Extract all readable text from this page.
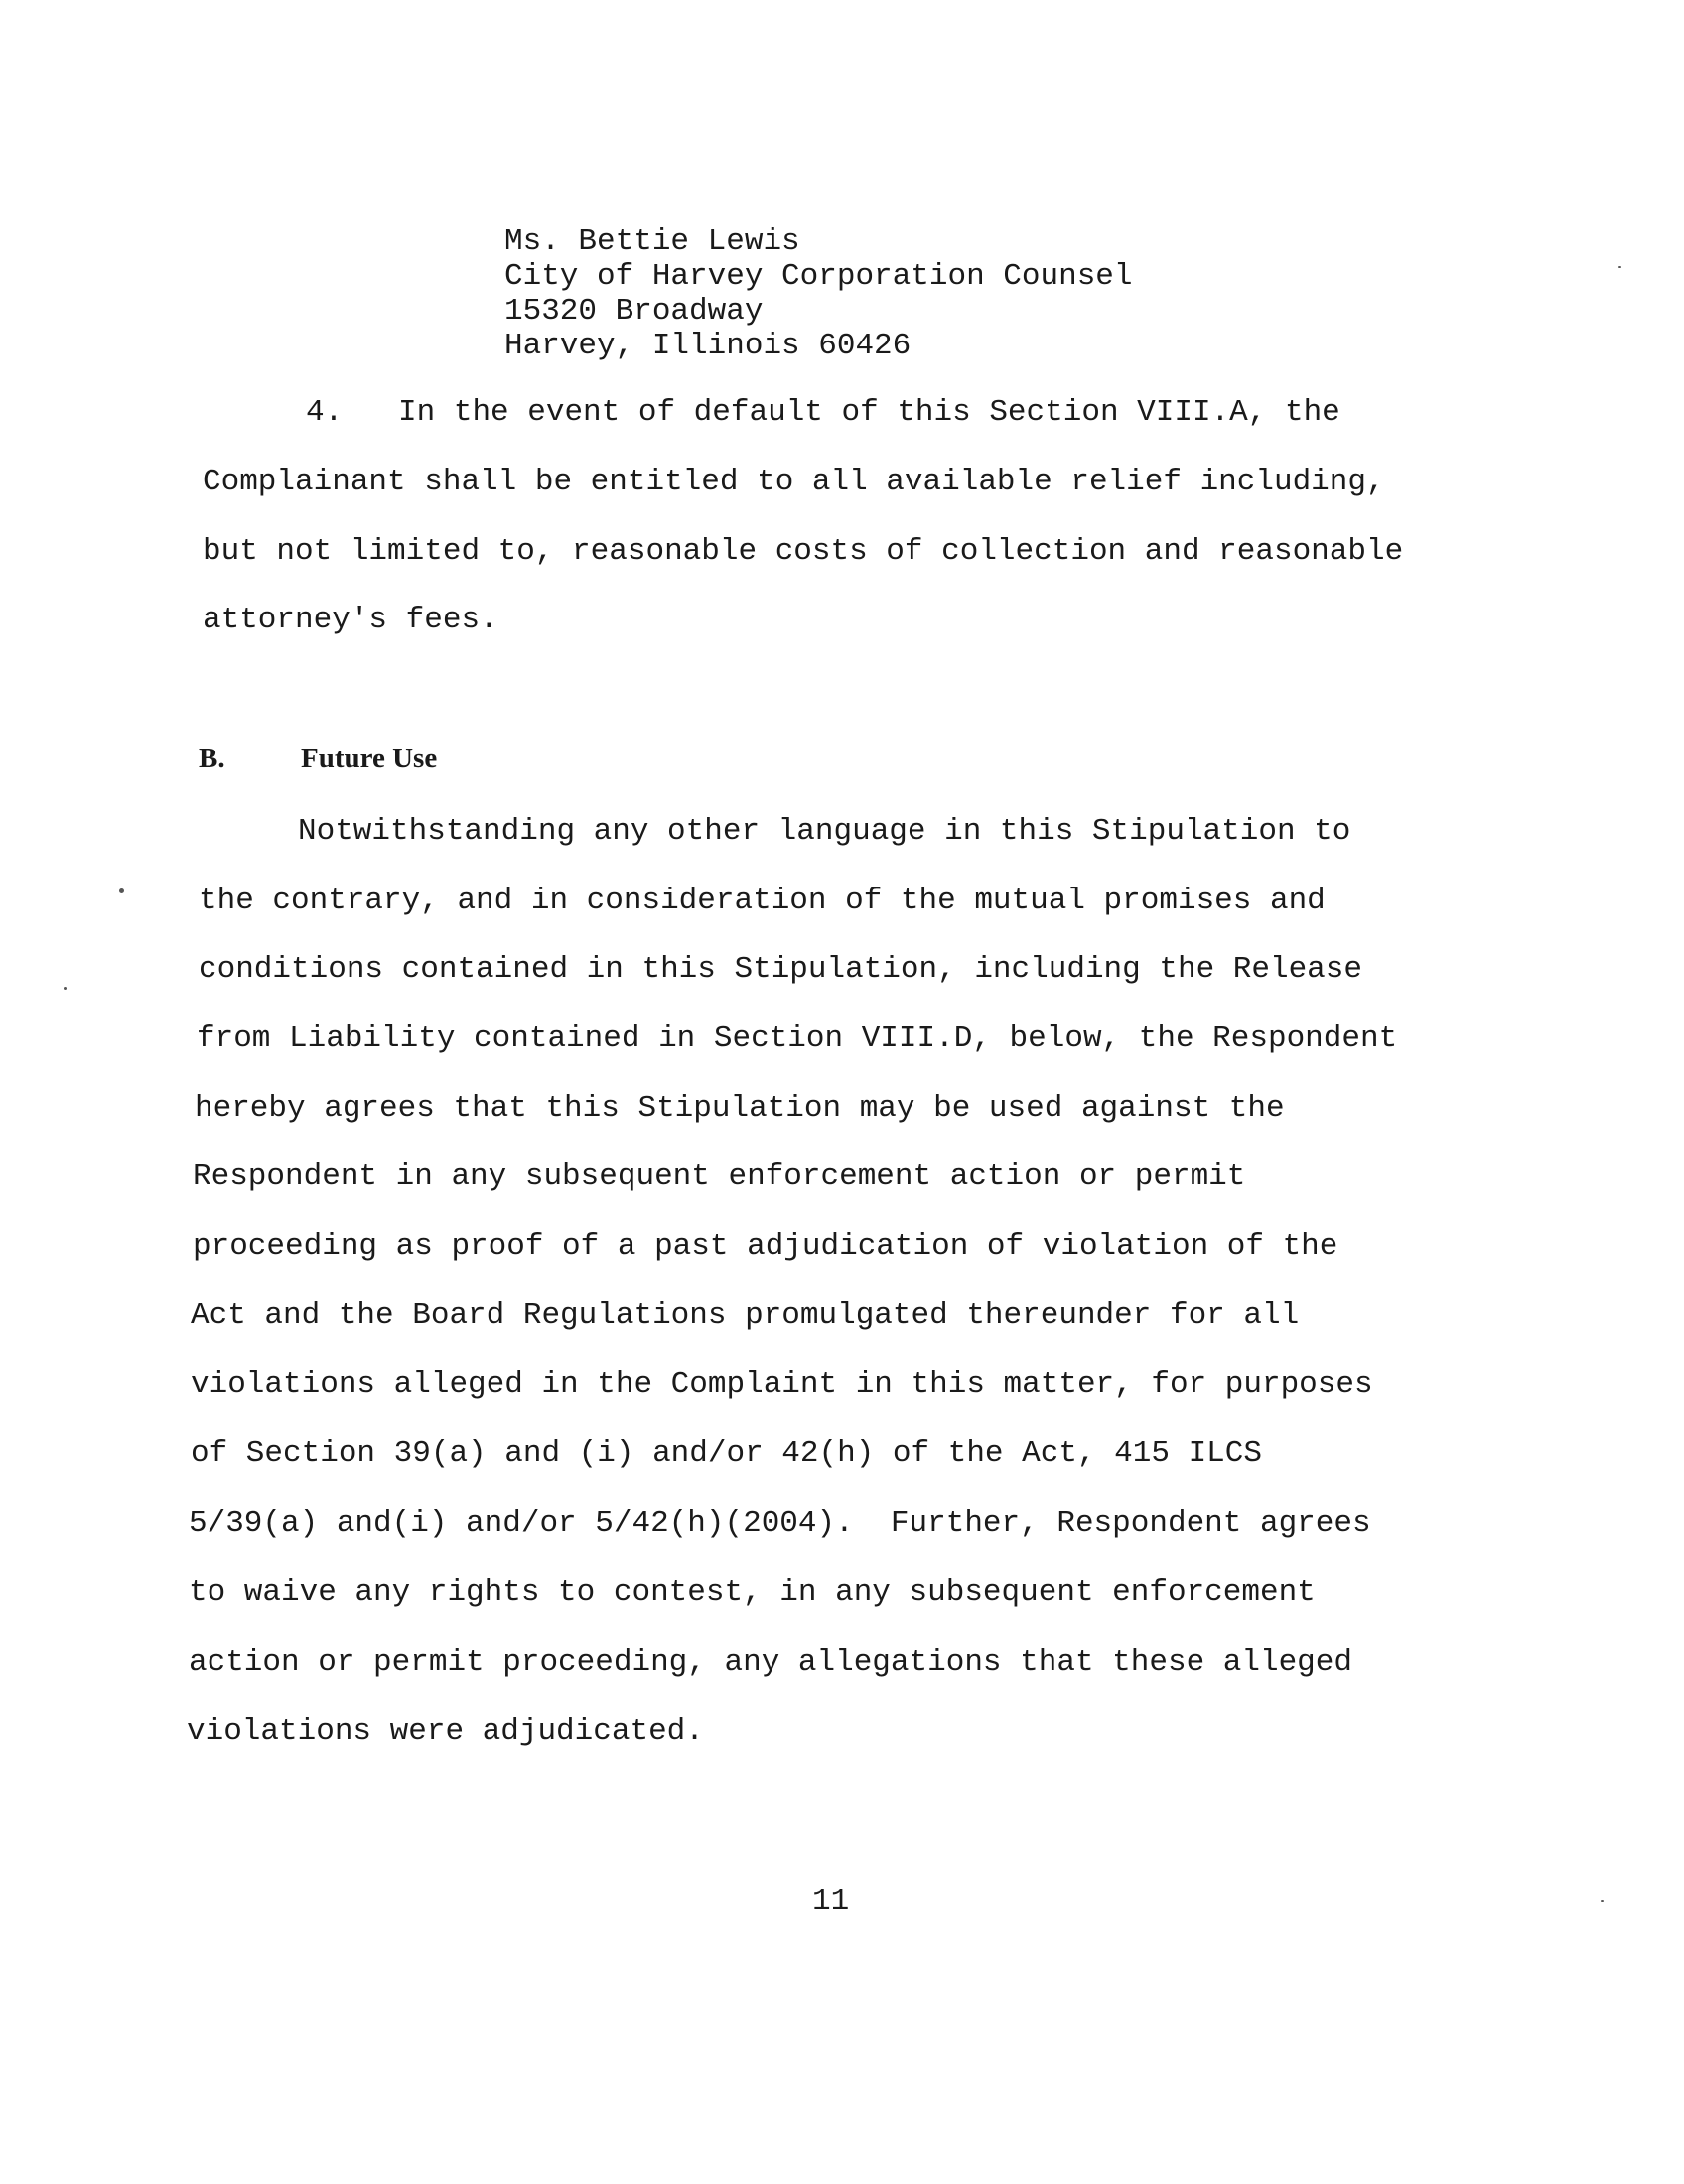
Ms. Bettie Lewis
City of Harvey Corporation Counsel
15320 Broadway
Harvey, Illinois 60426
4. In the event of default of this Section VIII.A, the
Complainant shall be entitled to all available relief including,
but not limited to, reasonable costs of collection and reasonable
attorney's fees.
B.	Future Use
Notwithstanding any other language in this Stipulation to
the contrary, and in consideration of the mutual promises and
conditions contained in this Stipulation, including the Release
from Liability contained in Section VIII.D, below, the Respondent
hereby agrees that this Stipulation may be used against the
Respondent in any subsequent enforcement action or permit
proceeding as proof of a past adjudication of violation of the
Act and the Board Regulations promulgated thereunder for all
violations alleged in the Complaint in this matter, for purposes
of Section 39(a) and (i) and/or 42(h) of the Act, 415 ILCS
5/39(a) and(i) and/or 5/42(h)(2004).  Further, Respondent agrees
to waive any rights to contest, in any subsequent enforcement
action or permit proceeding, any allegations that these alleged
violations were adjudicated.
11
